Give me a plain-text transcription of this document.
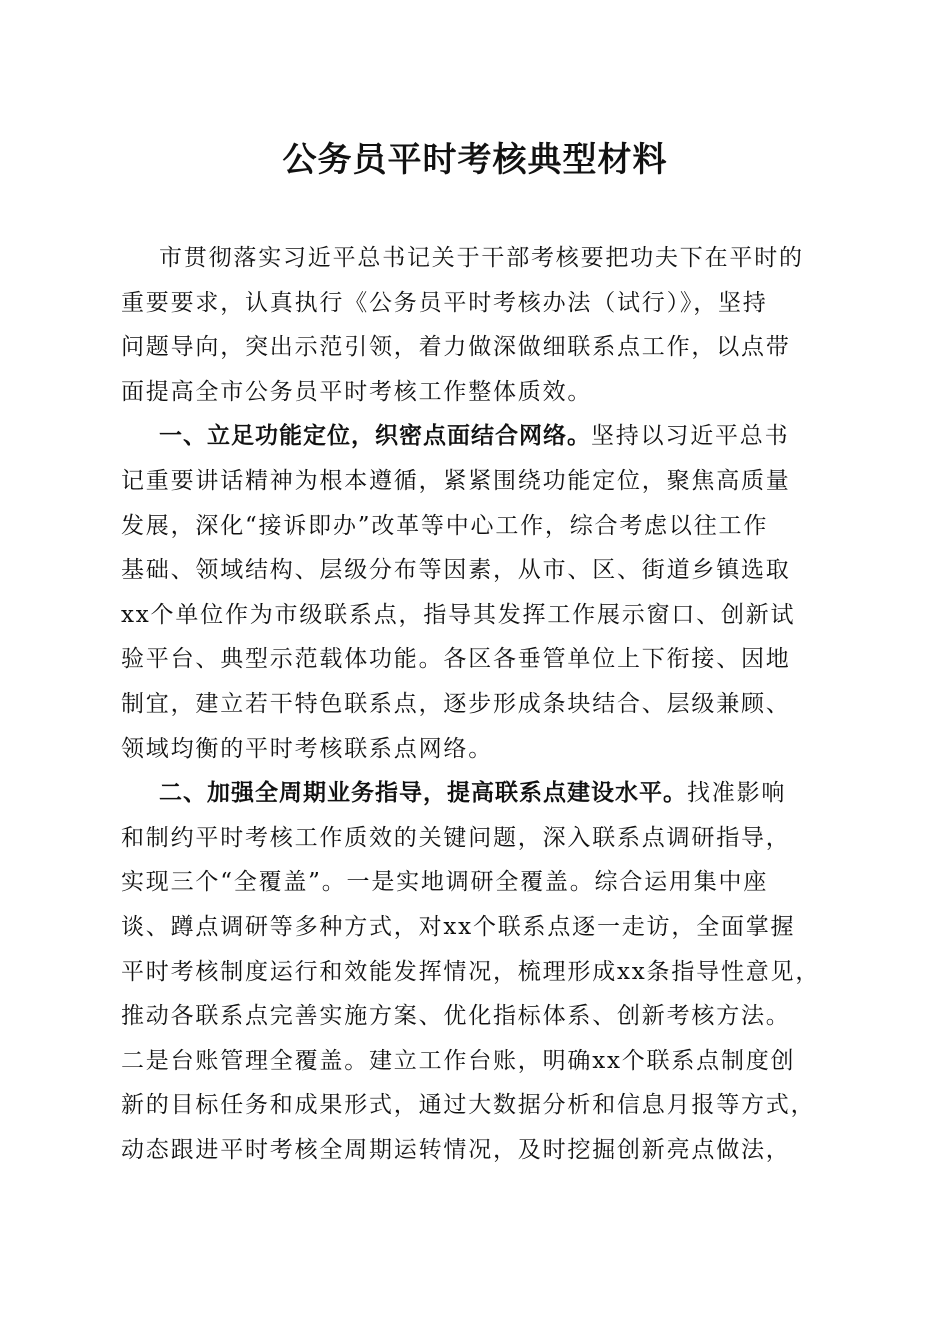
公务员平时考核典型材料
市贯彻落实习近平总书记关于干部考核要把功夫下在平时的
重要要求，认真执行《公务员平时考核办法（试行）》，坚持
问题导向，突出示范引领，着力做深做细联系点工作，以点带
面提高全市公务员平时考核工作整体质效。
一、立足功能定位，织密点面结合网络。坚持以习近平总书
记重要讲话精神为根本遵循，紧紧围绕功能定位，聚焦高质量
发展，深化“接诉即办”改革等中心工作，综合考虑以往工作
基础、领域结构、层级分布等因素，从市、区、街道乡镇选取
xx个单位作为市级联系点，指导其发挥工作展示窗口、创新试
验平台、典型示范载体功能。各区各垂管单位上下衔接、因地
制宜，建立若干特色联系点，逐步形成条块结合、层级兼顾、
领域均衡的平时考核联系点网络。
二、加强全周期业务指导，提高联系点建设水平。找准影响
和制约平时考核工作质效的关键问题，深入联系点调研指导，
实现三个“全覆盖”。一是实地调研全覆盖。综合运用集中座
谈、蹲点调研等多种方式，对xx个联系点逐一走访，全面掌握
平时考核制度运行和效能发挥情况，梳理形成xx条指导性意见，
推动各联系点完善实施方案、优化指标体系、创新考核方法。
二是台账管理全覆盖。建立工作台账，明确xx个联系点制度创
新的目标任务和成果形式，通过大数据分析和信息月报等方式，
动态跟进平时考核全周期运转情况，及时挖掘创新亮点做法，
